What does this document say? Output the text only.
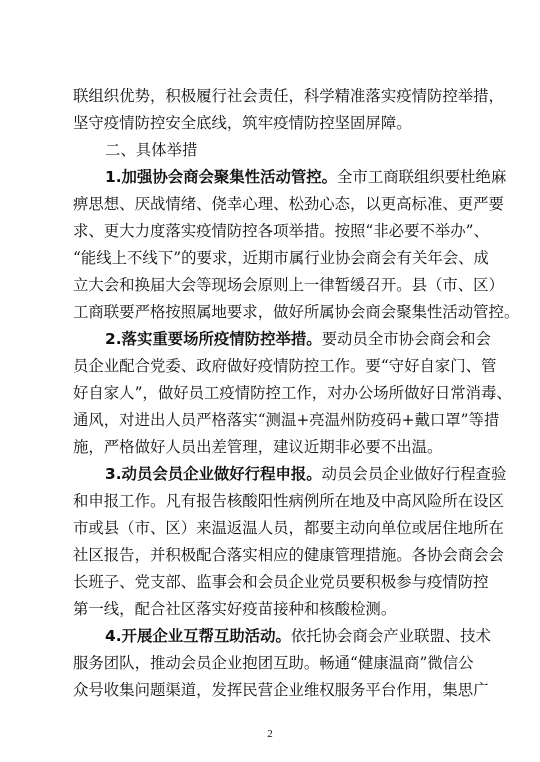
联组织优势，积极履行社会责任，科学精准落实疫情防控举措，
坚守疫情防控安全底线，筑牢疫情防控坚固屏障。
二、具体举措
1.加强协会商会聚集性活动管控。全市工商联组织要杜绝麻
痹思想、厌战情绪、侥幸心理、松劲心态，以更高标准、更严要
求、更大力度落实疫情防控各项举措。按照“非必要不举办”、
“能线上不线下”的要求，近期市属行业协会商会有关年会、成
立大会和换届大会等现场会原则上一律暂缓召开。县（市、区）
工商联要严格按照属地要求，做好所属协会商会聚集性活动管控。
2.落实重要场所疫情防控举措。要动员全市协会商会和会
员企业配合党委、政府做好疫情防控工作。要“守好自家门、管
好自家人”，做好员工疫情防控工作，对办公场所做好日常消毒、
通风，对进出人员严格落实“测温+亮温州防疫码+戴口罩”等措
施，严格做好人员出差管理，建议近期非必要不出温。
3.动员会员企业做好行程申报。动员会员企业做好行程查验
和申报工作。凡有报告核酸阳性病例所在地及中高风险所在设区
市或县（市、区）来温返温人员，都要主动向单位或居住地所在
社区报告，并积极配合落实相应的健康管理措施。各协会商会会
长班子、党支部、监事会和会员企业党员要积极参与疫情防控
第一线，配合社区落实好疫苗接种和核酸检测。
4.开展企业互帮互助活动。依托协会商会产业联盟、技术
服务团队，推动会员企业抱团互助。畅通“健康温商”微信公
众号收集问题渠道，发挥民营企业维权服务平台作用，集思广
2
